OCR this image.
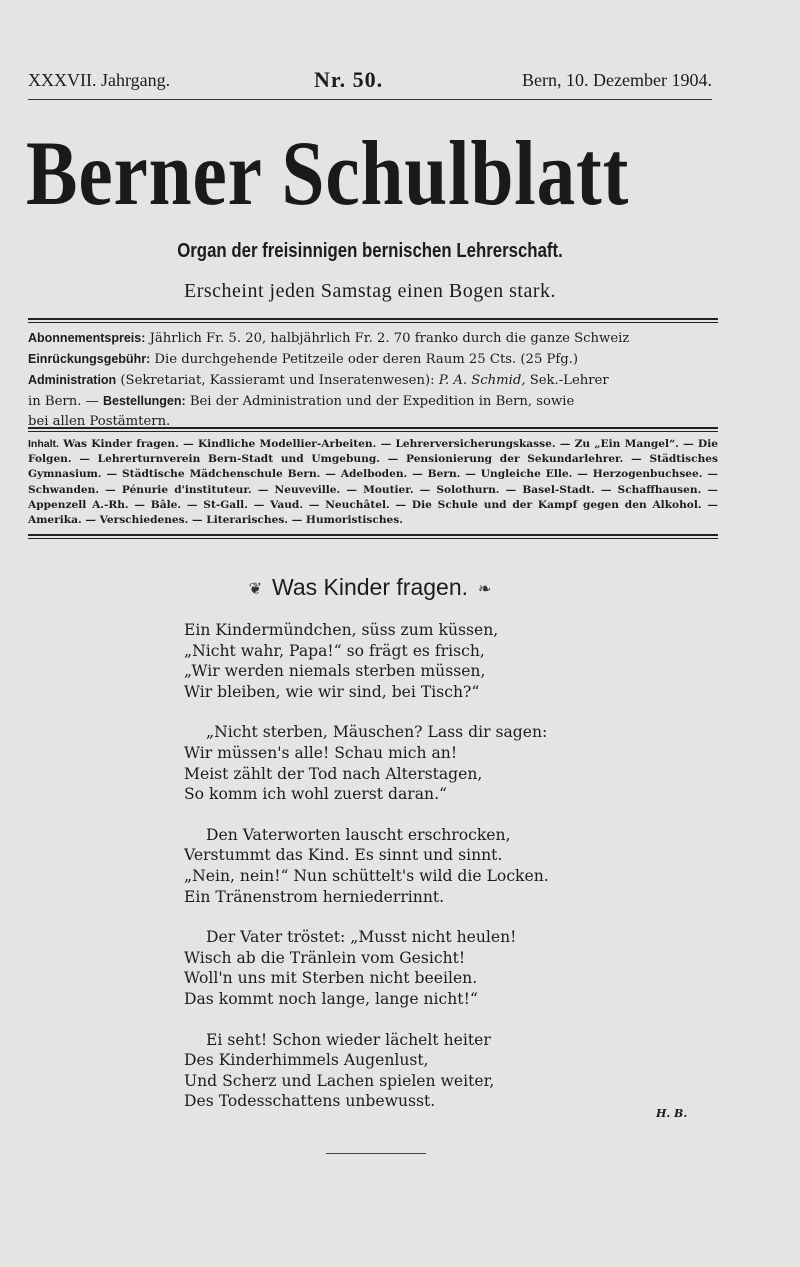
XXXVII. Jahrgang.	Nr. 50.	Bern, 10. Dezember 1904.
Berner Schulblatt
Organ der freisinnigen bernischen Lehrerschaft.
Erscheint jeden Samstag einen Bogen stark.
Abonnementspreis: Jährlich Fr. 5. 20, halbjährlich Fr. 2. 70 franko durch die ganze Schweiz
Einrückungsgebühr: Die durchgehende Petitzeile oder deren Raum 25 Cts. (25 Pfg.)
Administration (Sekretariat, Kassieramt und Inseratenwesen): P. A. Schmid, Sek.-Lehrer
in Bern. — Bestellungen: Bei der Administration und der Expedition in Bern, sowie
bei allen Postämtern.
Inhalt. Was Kinder fragen. — Kindliche Modellier-Arbeiten. — Lehrerversicherungskasse. — Zu „Ein Mangel“. — Die Folgen. — Lehrerturnverein Bern-Stadt und Umgebung. — Pensionierung der Sekundarlehrer. — Städtisches Gymnasium. — Städtische Mädchenschule Bern. — Adelboden. — Bern. — Ungleiche Elle. — Herzogenbuchsee. — Schwanden. — Pénurie d'instituteur. — Neuveville. — Moutier. — Solothurn. — Basel-Stadt. — Schaffhausen. — Appenzell A.-Rh. — Bâle. — St-Gall. — Vaud. — Neuchâtel. — Die Schule und der Kampf gegen den Alkohol. — Amerika. — Verschiedenes. — Literarisches. — Humoristisches.
❦ Was Kinder fragen. ❧
Ein Kindermündchen, süss zum küssen,
„Nicht wahr, Papa!“ so frägt es frisch,
„Wir werden niemals sterben müssen,
Wir bleiben, wie wir sind, bei Tisch?“
„Nicht sterben, Mäuschen? Lass dir sagen:
Wir müssen's alle! Schau mich an!
Meist zählt der Tod nach Alterstagen,
So komm ich wohl zuerst daran.“
Den Vaterworten lauscht erschrocken,
Verstummt das Kind. Es sinnt und sinnt.
„Nein, nein!“ Nun schüttelt's wild die Locken.
Ein Tränenstrom herniederrinnt.
Der Vater tröstet: „Musst nicht heulen!
Wisch ab die Tränlein vom Gesicht!
Woll'n uns mit Sterben nicht beeilen.
Das kommt noch lange, lange nicht!“
Ei seht! Schon wieder lächelt heiter
Des Kinderhimmels Augenlust,
Und Scherz und Lachen spielen weiter,
Des Todesschattens unbewusst.
H. B.
